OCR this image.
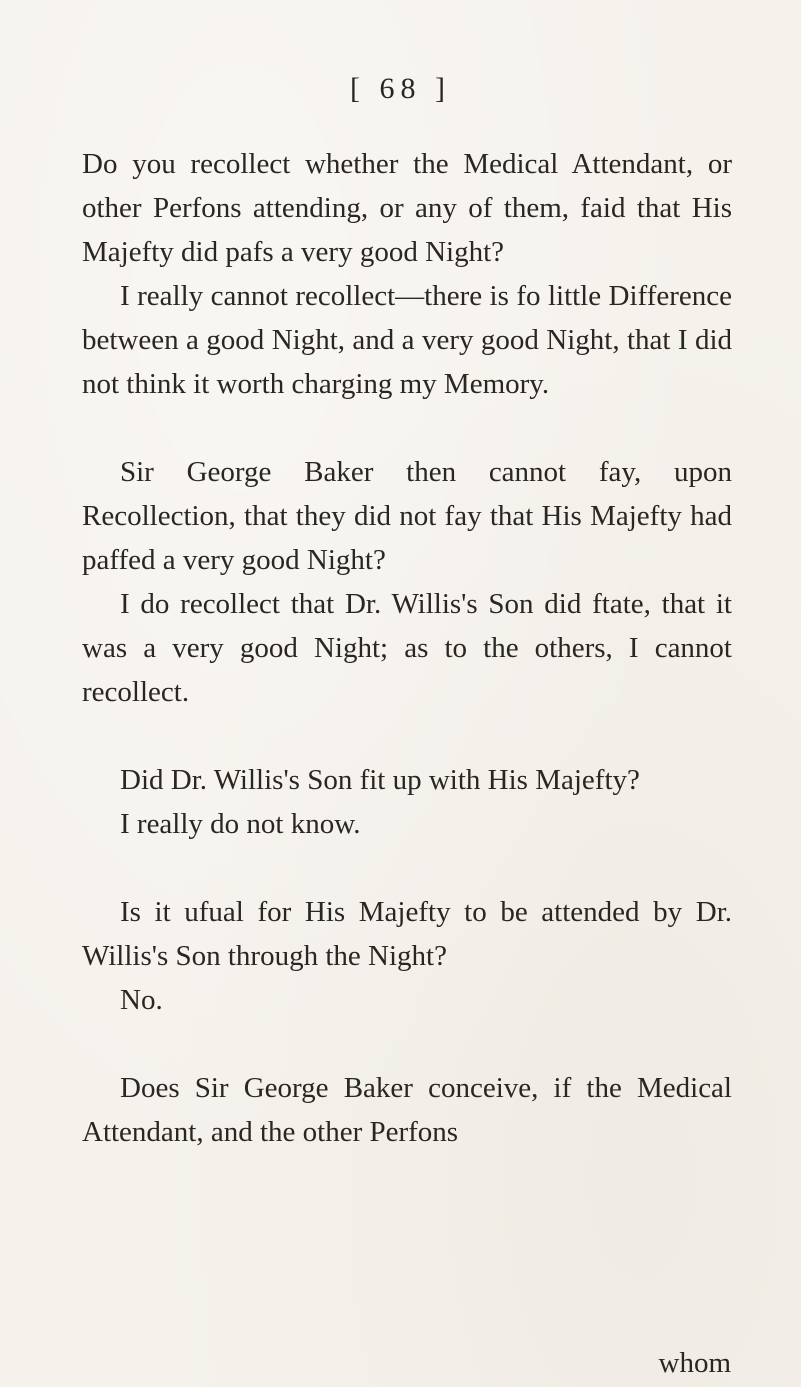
[ 68 ]

Do you recollect whether the Medical Attendant, or other Perfons attending, or any of them, faid that His Majefty did pafs a very good Night?

I really cannot recollect—there is fo little Difference between a good Night, and a very good Night, that I did not think it worth charging my Memory.

Sir George Baker then cannot fay, upon Recollection, that they did not fay that His Majefty had paffed a very good Night?

I do recollect that Dr. Willis's Son did ftate, that it was a very good Night; as to the others, I cannot recollect.

Did Dr. Willis's Son fit up with His Majefty?

I really do not know.

Is it ufual for His Majefty to be attended by Dr. Willis's Son through the Night?

No.

Does Sir George Baker conceive, if the Medical Attendant, and the other Perfons

whom
